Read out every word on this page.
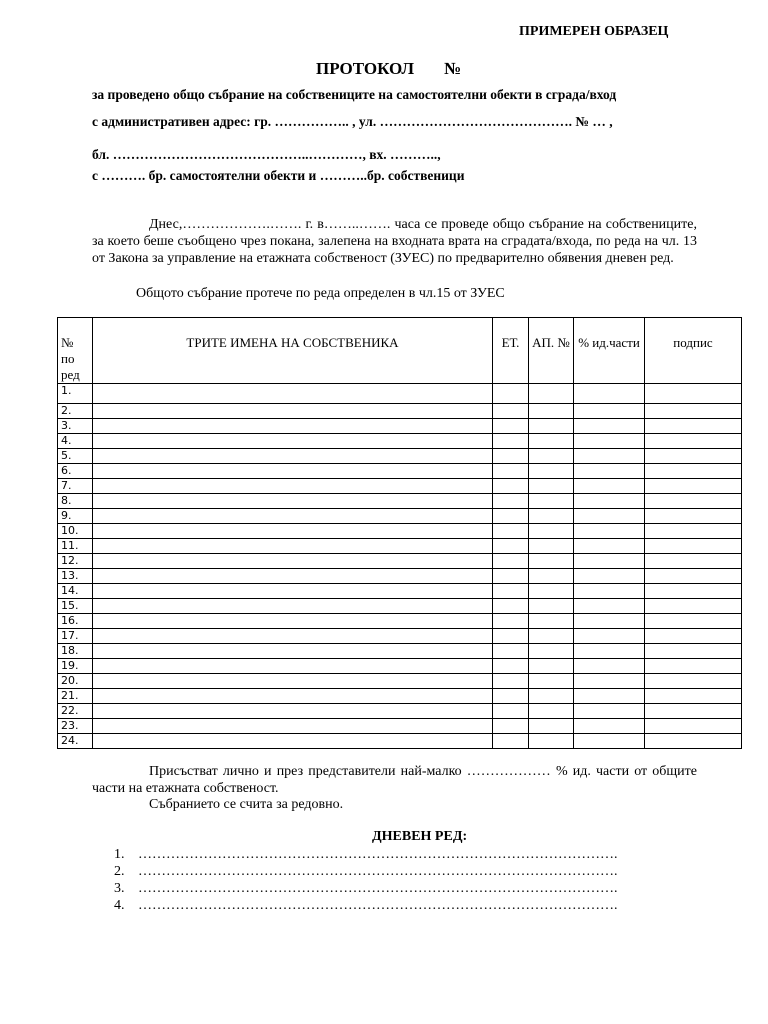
ПРИМЕРЕН ОБРАЗЕЦ
ПРОТОКОЛ №
за проведено общо събрание на собствениците на самостоятелни обекти в сграда/вход
с административен адрес: гр. …………….. , ул. ……………………………………. № … ,
бл. ……………………………………..…………, вх. ………..,
с ………. бр. самостоятелни обекти и ………..бр. собственици
Днес,……………….……. г. в……..……. часа се проведе общо събрание на собствениците, за което беше съобщено чрез покана, залепена на входната врата на сградата/входа, по реда на чл. 13 от Закона за управление на етажната собственост (ЗУЕС) по предварително обявения дневен ред.
Общото събрание протече по реда определен в чл.15 от ЗУЕС
№ по ред	ТРИТЕ ИМЕНА НА СОБСТВЕНИКА	ЕТ.	АП. №	% ид.части	подпис
1.					
2.					
3.					
4.					
5.					
6.					
7.					
8.					
9.					
10.					
11.					
12.					
13.					
14.					
15.					
16.					
17.					
18.					
19.					
20.					
21.					
22.					
23.					
24.					
Присъстват лично и през представители най-малко ……………… % ид. части от общите части на етажната собственост.
Събранието се счита за редовно.
ДНЕВЕН РЕД:
1. ………………………………………………………………………………………….
2. ………………………………………………………………………………………….
3. ………………………………………………………………………………………….
4. ………………………………………………………………………………………….
